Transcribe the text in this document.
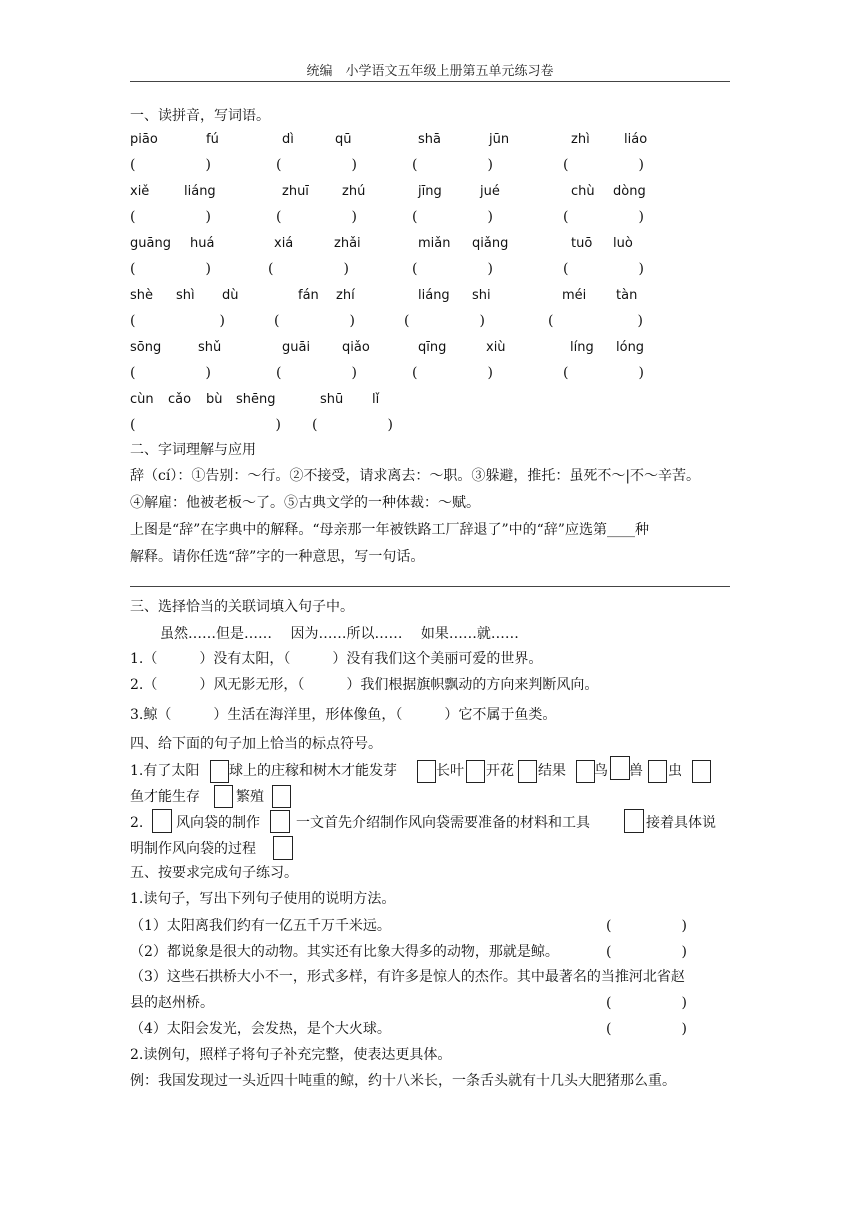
统编　小学语文五年级上册第五单元练习卷
一、读拼音，写词语。
piāo	fú	dì	qū	shā	jūn	zhì	liáo
(　　　　　)	(　　　　　)	(　　　　　)	(　　　　　)
xiě	liáng	zhuī	zhú	jīng	jué	chù dòng
(　　　　　)	(　　　　　)	(　　　　　)	(　　　　　)
guāng huá	xiá	zhǎi	miǎn qiǎng	tuō luò
(　　　　　)	(　　　　　)	(　　　　　)	(　　　　　)
shè shì dù	fán zhí	liáng shi	méi tàn
(　　　　　　)	(　　　　　)	(　　　　　)	(　　　　　　)
sōng	shǔ	guāi qiǎo	qīng	xiù	líng lóng
(　　　　　)	(　　　　　)	(　　　　　)	(　　　　　)
cùn cǎo bù shēng	shū lǐ
(　　　　　　　　　　) (　　　　　)
二、字词理解与应用
辞（cí）：①告别：～行。②不接受，请求离去：～职。③躲避，推托：虽死不～|不～辛苦。
④解雇：他被老板～了。⑤古典文学的一种体裁：～赋。
上图是“辞”在字典中的解释。“母亲那一年被铁路工厂辞退了”中的“辞”应选第____种
解释。请你任选“辞”字的一种意思，写一句话。
三、选择恰当的关联词填入句子中。
虽然……但是……　 因为……所以……　 如果……就……
1.（　　　）没有太阳，（　　　）没有我们这个美丽可爱的世界。
2.（　　　）风无影无形，（　　　）我们根据旗帜飘动的方向来判断风向。
3.鲸（　　　）生活在海洋里，形体像鱼，（　　　）它不属于鱼类。
四、给下面的句子加上恰当的标点符号。
1.有了太阳 球上的庄稼和树木才能发芽	长叶 开花 结果 鸟 兽 虫
鱼才能生存	繁殖
2. 风向袋的制作	一文首先介绍制作风向袋需要准备的材料和工具	接着具体说
明制作风向袋的过程
五、按要求完成句子练习。
1.读句子，写出下列句子使用的说明方法。
（1）太阳离我们约有一亿五千万千米远。	(　　　　　)
（2）都说象是很大的动物。其实还有比象大得多的动物，那就是鲸。	(　　　　　)
（3）这些石拱桥大小不一，形式多样，有许多是惊人的杰作。其中最著名的当推河北省赵
县的赵州桥。	(　　　　　)
（4）太阳会发光，会发热，是个大火球。	(　　　　　)
2.读例句，照样子将句子补充完整，使表达更具体。
例：我国发现过一头近四十吨重的鲸，约十八米长，一条舌头就有十几头大肥猪那么重。
